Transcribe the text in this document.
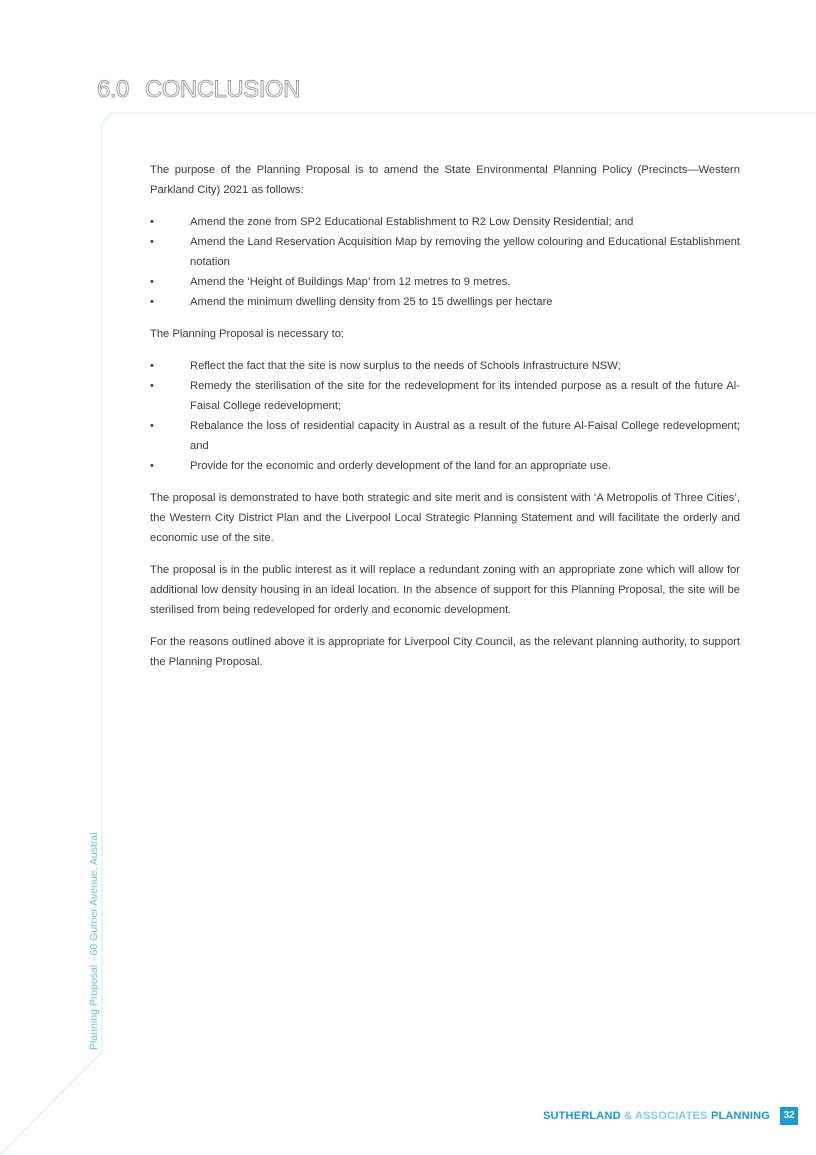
6.0 CONCLUSION

The purpose of the Planning Proposal is to amend the State Environmental Planning Policy (Precincts—Western Parkland City) 2021 as follows:

• Amend the zone from SP2 Educational Establishment to R2 Low Density Residential; and
• Amend the Land Reservation Acquisition Map by removing the yellow colouring and Educational Establishment notation
• Amend the ‘Height of Buildings Map’ from 12 metres to 9 metres.
• Amend the minimum dwelling density from 25 to 15 dwellings per hectare

The Planning Proposal is necessary to:

• Reflect the fact that the site is now surplus to the needs of Schools Infrastructure NSW;
• Remedy the sterilisation of the site for the redevelopment for its intended purpose as a result of the future Al-Faisal College redevelopment;
• Rebalance the loss of residential capacity in Austral as a result of the future Al-Faisal College redevelopment; and
• Provide for the economic and orderly development of the land for an appropriate use.

The proposal is demonstrated to have both strategic and site merit and is consistent with ‘A Metropolis of Three Cities’, the Western City District Plan and the Liverpool Local Strategic Planning Statement and will facilitate the orderly and economic use of the site.

The proposal is in the public interest as it will replace a redundant zoning with an appropriate zone which will allow for additional low density housing in an ideal location. In the absence of support for this Planning Proposal, the site will be sterilised from being redeveloped for orderly and economic development.

For the reasons outlined above it is appropriate for Liverpool City Council, as the relevant planning authority, to support the Planning Proposal.

Planning Proposal - 60 Gurner Avenue, Austral
SUTHERLAND & ASSOCIATES PLANNING	32
